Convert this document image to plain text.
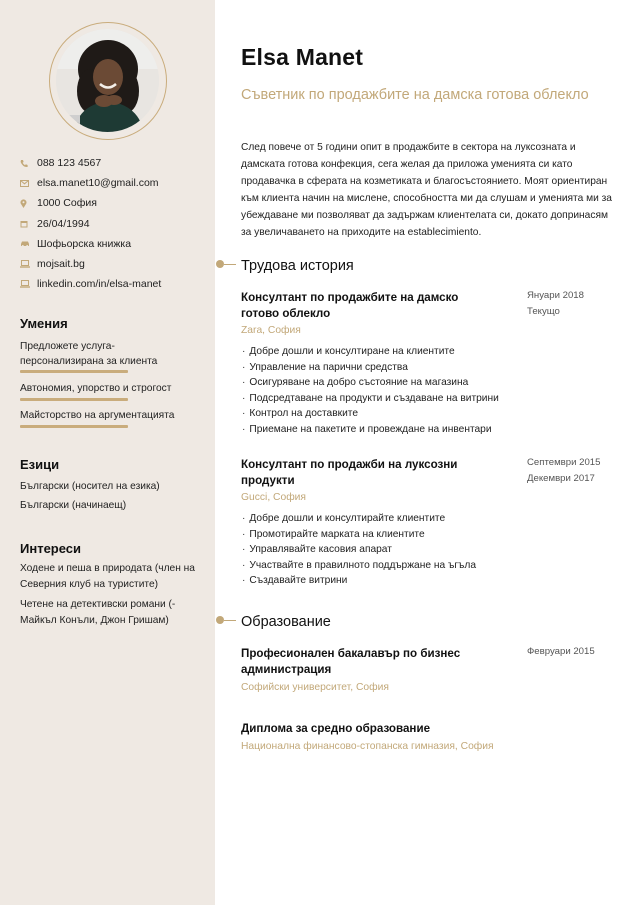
088 123 4567
elsa.manet10@gmail.com
1000 София
26/04/1994
Шофьорска книжка
mojsait.bg
linkedin.com/in/elsa-manet
Умения
Предложете услуга-
персонализирана за клиента
Автономия, упорство и строгост
Майсторство на аргументацията
Езици
Български (носител на езика)
Български (начинаещ)
Интереси
Ходене и пеша в природата (член на Северния клуб на туристите)
Четене на детективски романи (- Майкъл Конъли, Джон Гришам)
Elsa Manet
Съветник по продажбите на дамска готова облекло
След повече от 5 години опит в продажбите в сектора на луксозната и дамската готова конфекция, сега желая да приложа уменията си като продавачка в сферата на козметиката и благосъстоянието. Моят ориентиран към клиента начин на мислене, способността ми да слушам и уменията ми за убеждаване ми позволяват да задържам клиентелата си, докато допринасям за увеличаването на приходите на establecimiento.
Трудова история
Консултант по продажбите на дамско готово облекло
Януари 2018
Текущо
Zara, София
· Добре дошли и консултиране на клиентите
· Управление на парични средства
· Осигуряване на добро състояние на магазина
· Подсредтаване на продукти и създаване на витрини
· Контрол на доставките
· Приемане на пакетите и провеждане на инвентари
Консултант по продажби на луксозни продукти
Септември 2015
Декември 2017
Gucci, София
· Добре дошли и консултирайте клиентите
· Промотирайте марката на клиентите
· Управлявайте касовия апарат
· Участвайте в правилното поддържане на ъгъла
· Създавайте витрини
Образование
Професионален бакалавър по бизнес администрация
Февруари 2015
Софийски университет, София
Диплома за средно образование
Национална финансово-стопанска гимназия, София
